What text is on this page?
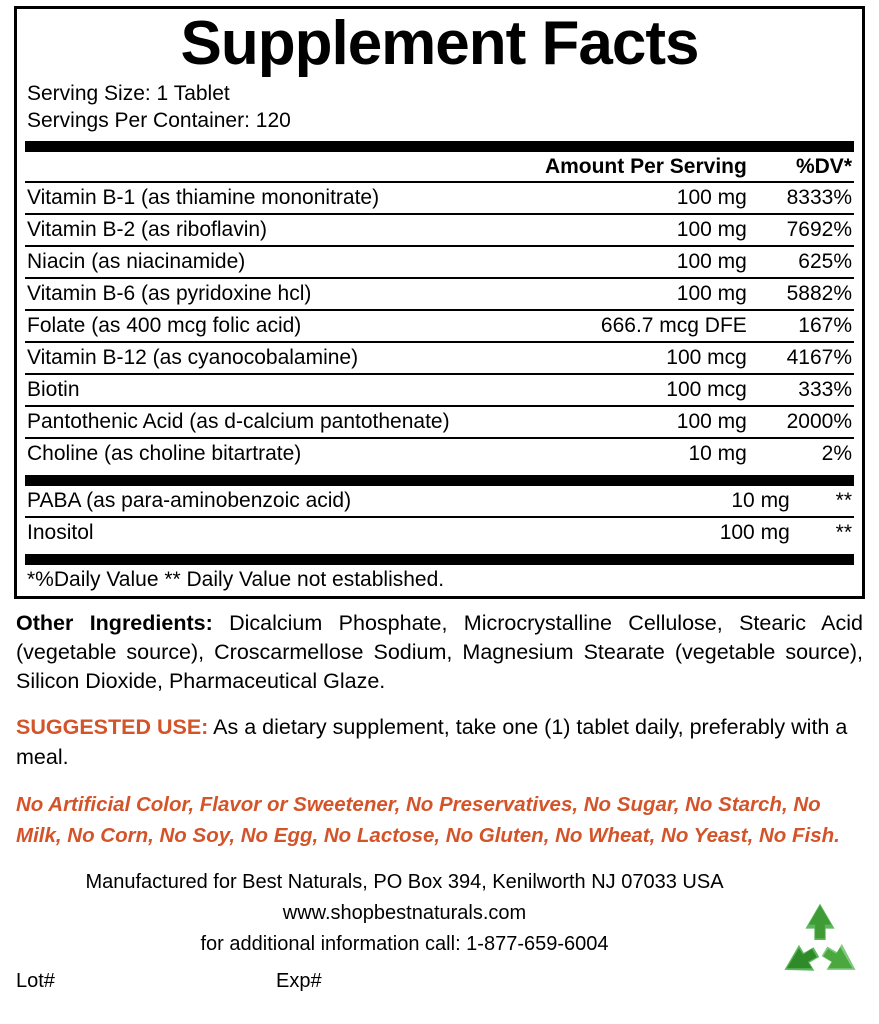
Supplement Facts
Serving Size: 1 Tablet
Servings Per Container: 120
	Amount Per Serving	%DV*
Vitamin B-1 (as thiamine mononitrate)	100 mg	8333%
Vitamin B-2 (as riboflavin)	100 mg	7692%
Niacin (as niacinamide)	100 mg	625%
Vitamin B-6 (as pyridoxine hcl)	100 mg	5882%
Folate (as 400 mcg folic acid)	666.7 mcg DFE	167%
Vitamin B-12 (as cyanocobalamine)	100 mcg	4167%
Biotin	100 mcg	333%
Pantothenic Acid (as d-calcium pantothenate)	100 mg	2000%
Choline (as choline bitartrate)	10 mg	2%
PABA (as para-aminobenzoic acid)	10 mg	**
Inositol	100 mg	**
*%Daily Value ** Daily Value not established.
Other Ingredients: Dicalcium Phosphate, Microcrystalline Cellulose, Stearic Acid (vegetable source), Croscarmellose Sodium, Magnesium Stearate (vegetable source), Silicon Dioxide, Pharmaceutical Glaze.
SUGGESTED USE: As a dietary supplement, take one (1) tablet daily, preferably with a meal.
No Artificial Color, Flavor or Sweetener, No Preservatives, No Sugar, No Starch, No Milk, No Corn, No Soy, No Egg, No Lactose, No Gluten, No Wheat, No Yeast, No Fish.
Manufactured for Best Naturals, PO Box 394, Kenilworth NJ 07033 USA
www.shopbestnaturals.com
for additional information call: 1-877-659-6004
Lot#	Exp#
